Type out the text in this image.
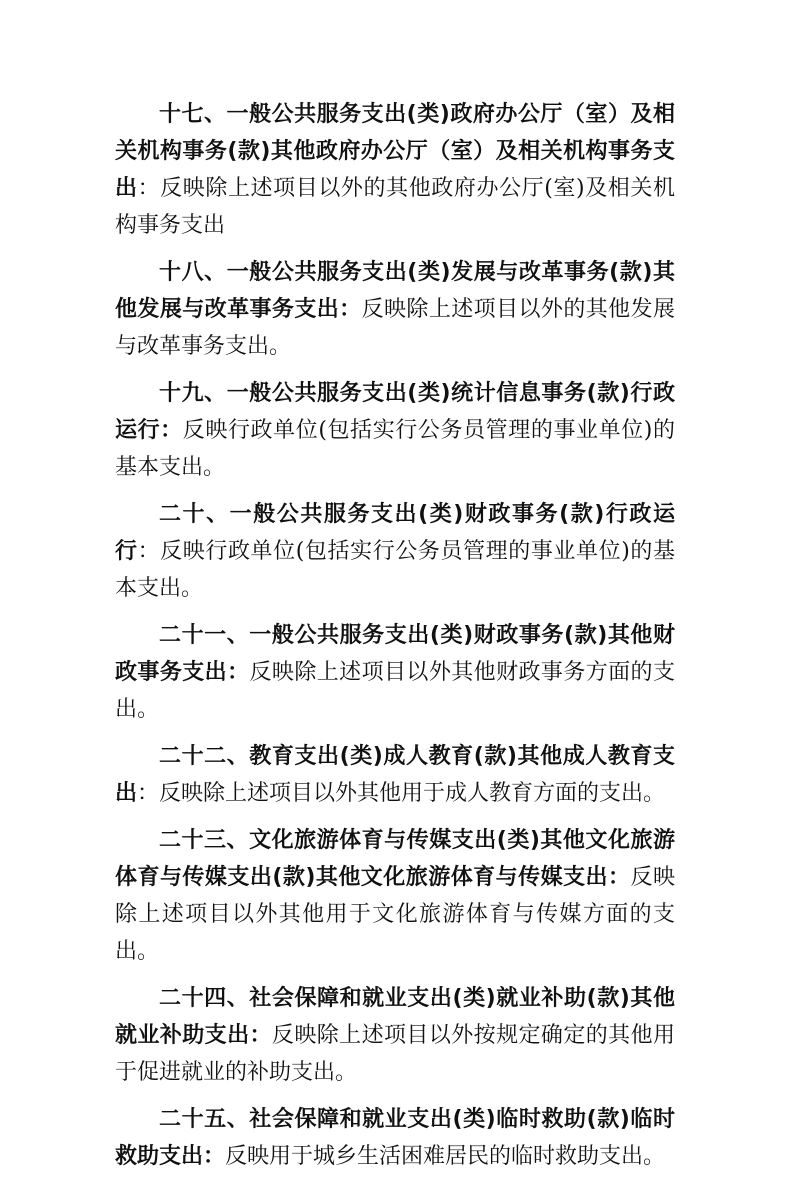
十七、一般公共服务支出(类)政府办公厅（室）及相关机构事务(款)其他政府办公厅（室）及相关机构事务支出：反映除上述项目以外的其他政府办公厅(室)及相关机构事务支出

十八、一般公共服务支出(类)发展与改革事务(款)其他发展与改革事务支出：反映除上述项目以外的其他发展与改革事务支出。

十九、一般公共服务支出(类)统计信息事务(款)行政运行：反映行政单位(包括实行公务员管理的事业单位)的基本支出。

二十、一般公共服务支出(类)财政事务(款)行政运行：反映行政单位(包括实行公务员管理的事业单位)的基本支出。

二十一、一般公共服务支出(类)财政事务(款)其他财政事务支出：反映除上述项目以外其他财政事务方面的支出。

二十二、教育支出(类)成人教育(款)其他成人教育支出：反映除上述项目以外其他用于成人教育方面的支出。

二十三、文化旅游体育与传媒支出(类)其他文化旅游体育与传媒支出(款)其他文化旅游体育与传媒支出：反映除上述项目以外其他用于文化旅游体育与传媒方面的支出。

二十四、社会保障和就业支出(类)就业补助(款)其他就业补助支出：反映除上述项目以外按规定确定的其他用于促进就业的补助支出。

二十五、社会保障和就业支出(类)临时救助(款)临时救助支出：反映用于城乡生活困难居民的临时救助支出。
